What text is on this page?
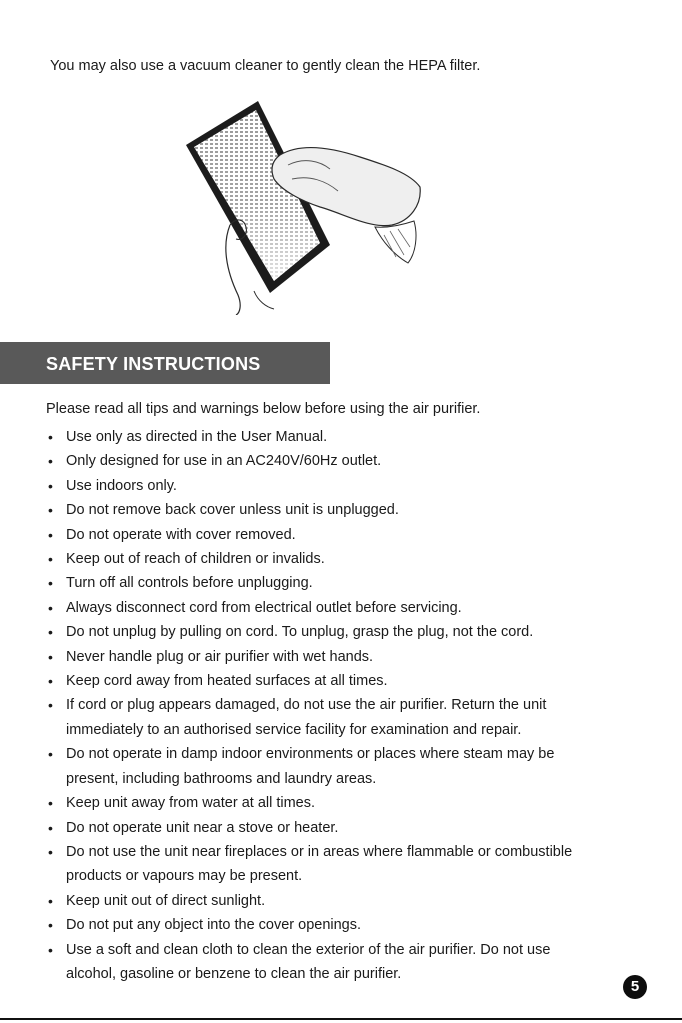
You may also use a vacuum cleaner to gently clean the HEPA filter.
SAFETY INSTRUCTIONS
Please read all tips and warnings below before using the air purifier.
• Use only as directed in the User Manual.
• Only designed for use in an AC240V/60Hz outlet.
• Use indoors only.
• Do not remove back cover unless unit is unplugged.
• Do not operate with cover removed.
• Keep out of reach of children or invalids.
• Turn off all controls before unplugging.
• Always disconnect cord from electrical outlet before servicing.
• Do not unplug by pulling on cord. To unplug, grasp the plug, not the cord.
• Never handle plug or air purifier with wet hands.
• Keep cord away from heated surfaces at all times.
• If cord or plug appears damaged, do not use the air purifier. Return the unit
immediately to an authorised service facility for examination and repair.
• Do not operate in damp indoor environments or places where steam may be
present, including bathrooms and laundry areas.
• Keep unit away from water at all times.
• Do not operate unit near a stove or heater.
• Do not use the unit near fireplaces or in areas where flammable or combustible
products or vapours may be present.
• Keep unit out of direct sunlight.
• Do not put any object into the cover openings.
• Use a soft and clean cloth to clean the exterior of the air purifier. Do not use
alcohol, gasoline or benzene to clean the air purifier.
5
